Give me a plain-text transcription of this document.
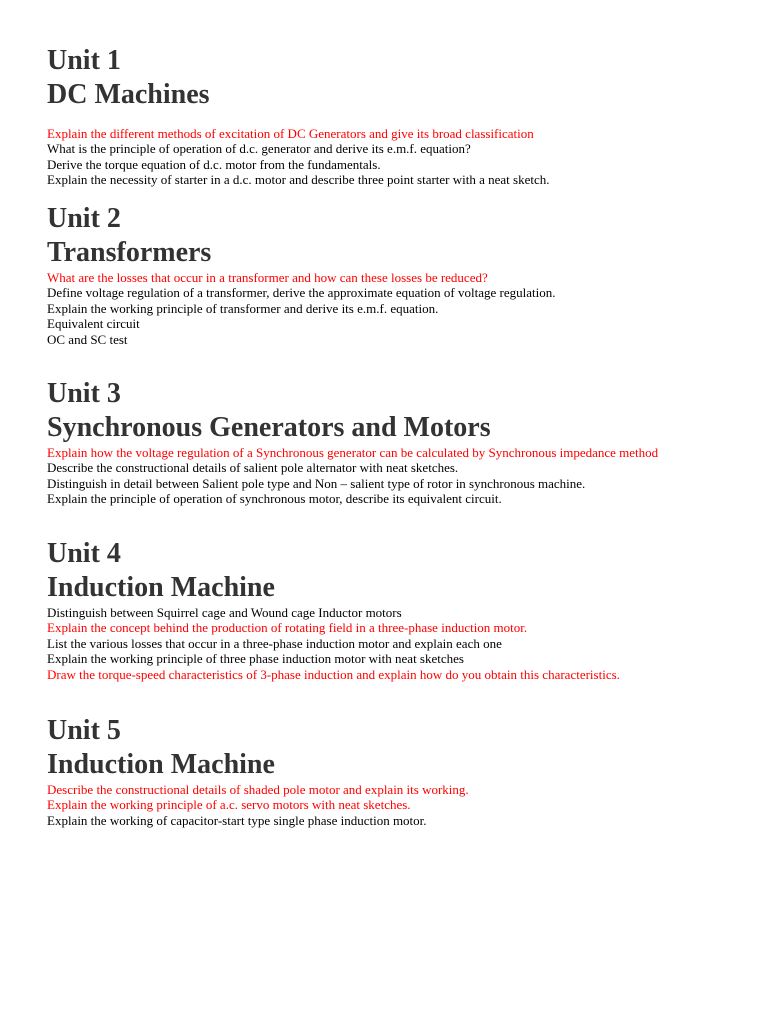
Unit 1
DC Machines
Explain the different methods of excitation of DC Generators and give its broad classification
What is the principle of operation of d.c. generator and derive its e.m.f. equation?
Derive the torque equation of d.c. motor from the fundamentals.
Explain the necessity of starter in a d.c. motor and describe three point starter with a neat sketch.
Unit 2
Transformers
What are the losses that occur in a transformer and how can these losses be reduced?
Define voltage regulation of a transformer, derive the approximate equation of voltage regulation.
Explain the working principle of transformer and derive its e.m.f. equation.
Equivalent circuit
OC and SC test
Unit 3
Synchronous Generators and Motors
Explain how the voltage regulation of a Synchronous generator can be calculated by Synchronous impedance method
Describe the constructional details of salient pole alternator with neat sketches.
Distinguish in detail between Salient pole type and Non – salient type of rotor in synchronous machine.
Explain the principle of operation of synchronous motor, describe its equivalent circuit.
Unit 4
Induction Machine
Distinguish between Squirrel cage and Wound cage Inductor motors
Explain the concept behind the production of rotating field in a three-phase induction motor.
List the various losses that occur in a three-phase induction motor and explain each one
Explain the working principle of three phase induction motor with neat sketches
Draw the torque-speed characteristics of 3-phase induction and explain how do you obtain this characteristics.
Unit 5
Induction Machine
Describe the constructional details of shaded pole motor and explain its working.
Explain the working principle of a.c. servo motors with neat sketches.
Explain the working of capacitor-start type single phase induction motor.
